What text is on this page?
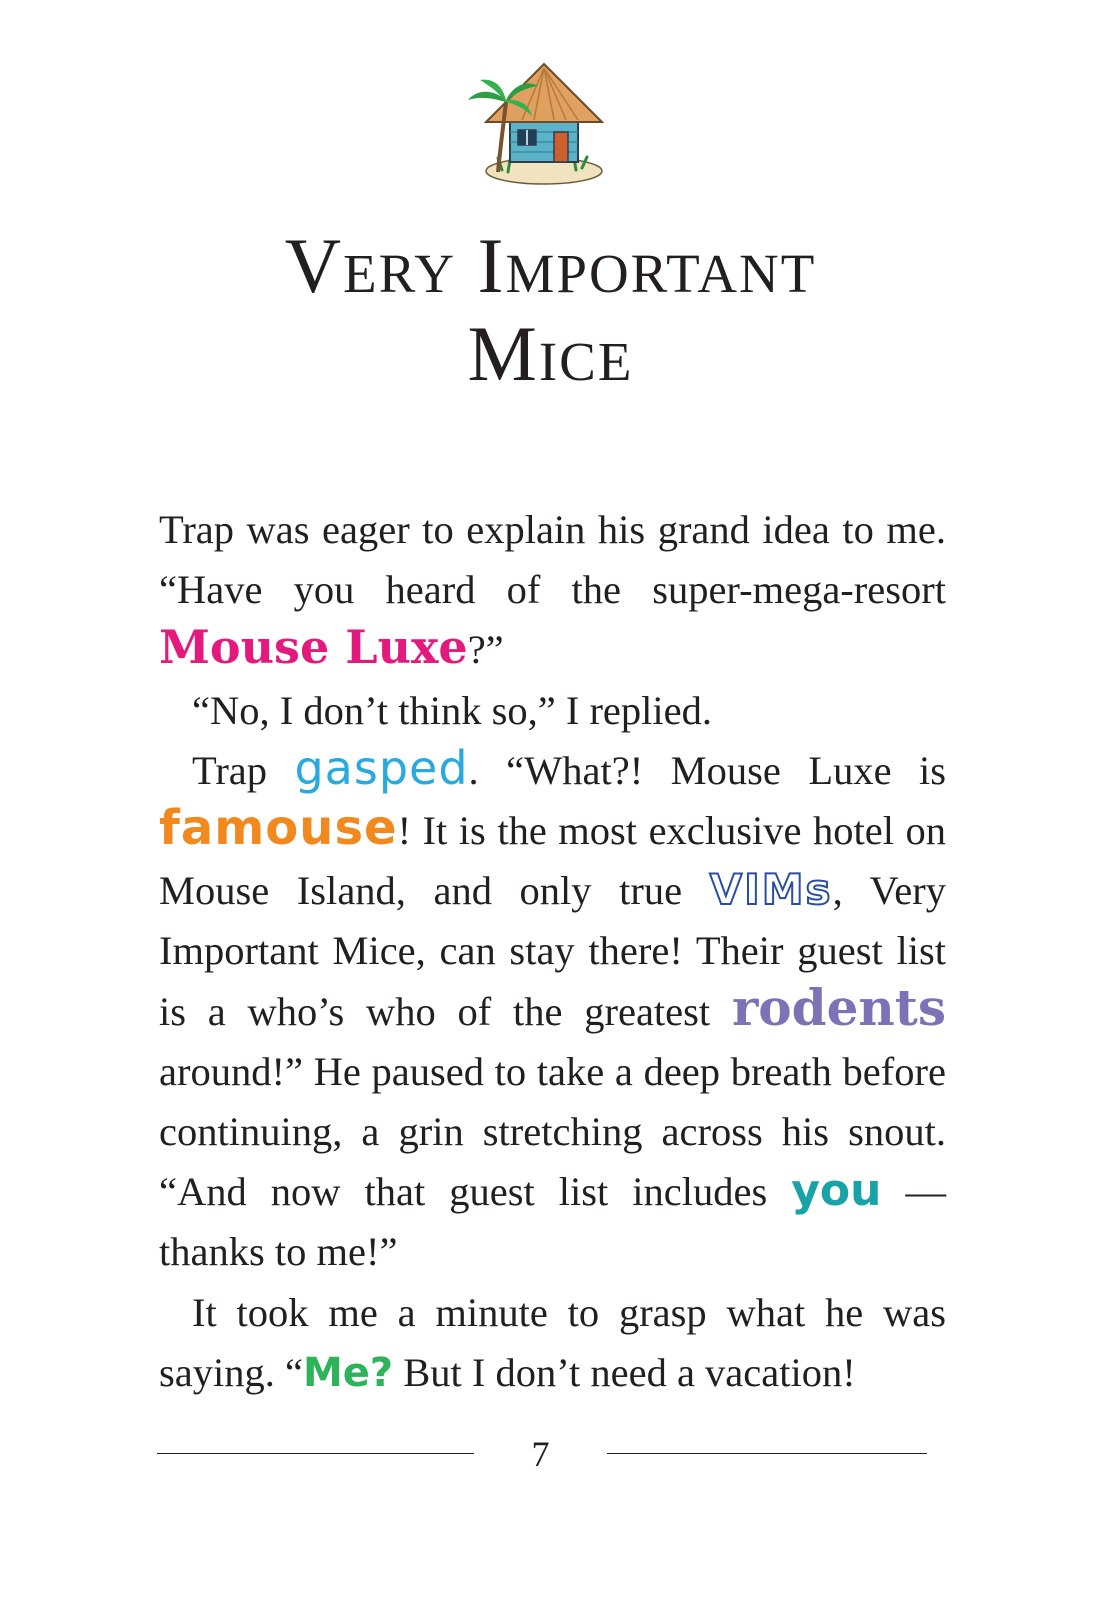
Very Important
Mice

Trap was eager to explain his grand idea to me. “Have you heard of the super-mega-resort Mouse Luxe?”

“No, I don’t think so,” I replied.

Trap gasped. “What?! Mouse Luxe is famouse! It is the most exclusive hotel on Mouse Island, and only true VIMs, Very Important Mice, can stay there! Their guest list is a who’s who of the greatest rodents around!” He paused to take a deep breath before continuing, a grin stretching across his snout. “And now that guest list includes you — thanks to me!”

It took me a minute to grasp what he was saying. “Me? But I don’t need a vacation!

7
